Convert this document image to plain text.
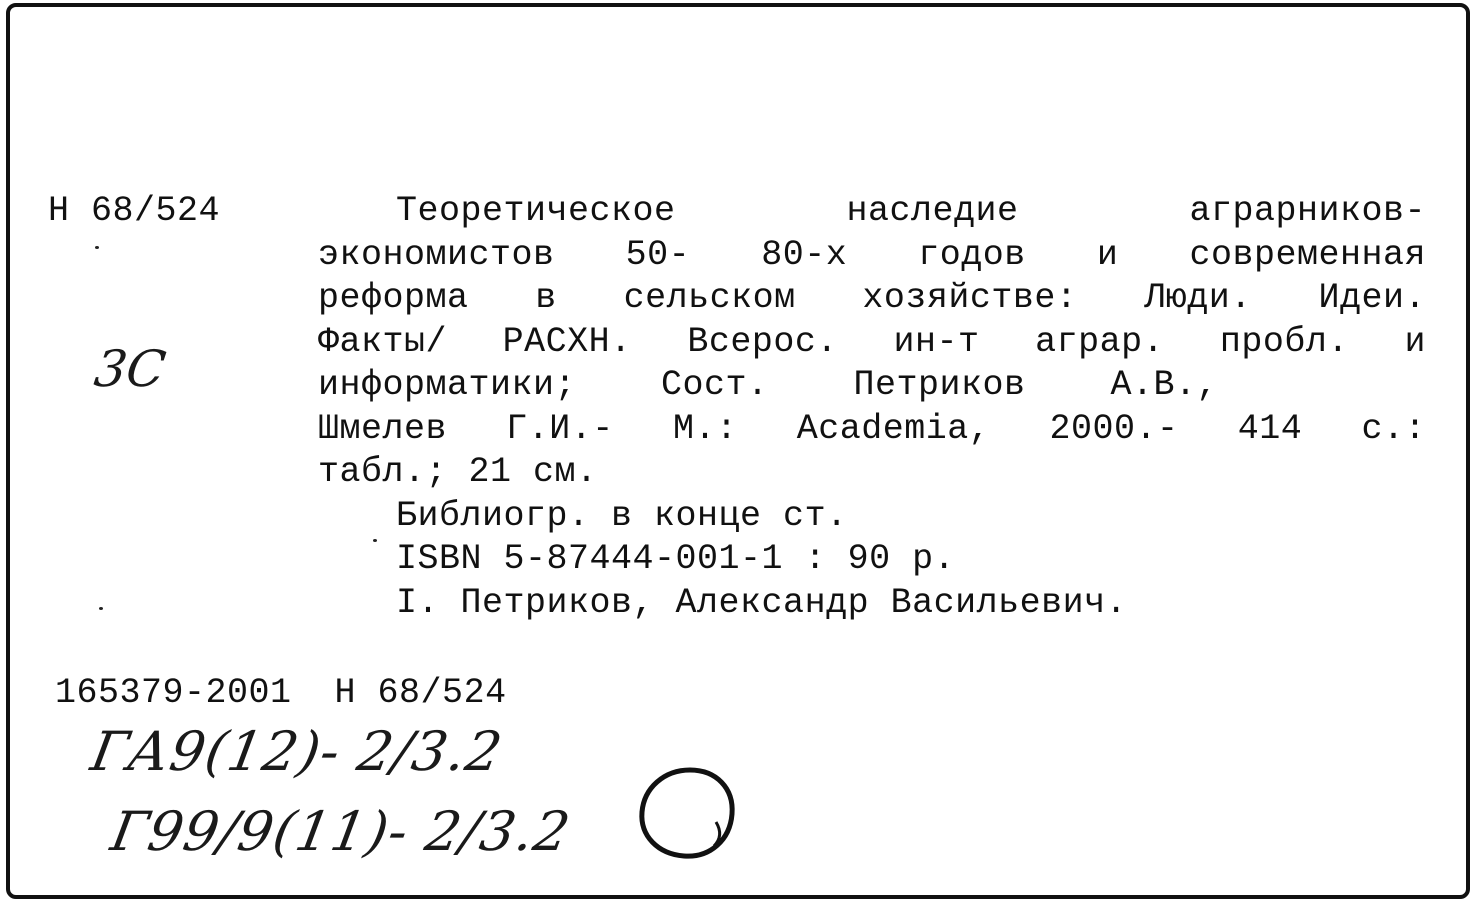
Н 68/524	Теоретическое наследие аграрников-
экономистов 50- 80-х годов и современная
реформа в сельском хозяйстве: Люди. Идеи.
Факты/ РАСХН. Всерос. ин-т аграр. пробл. и
информатики; Сост. Петриков А.В.,
Шмелев Г.И.- М.: Academia, 2000.- 414 с.:
табл.; 21 см.
Библиогр. в конце ст.
ISBN 5-87444-001-1 : 90 р.
I. Петриков, Александр Васильевич.
165379-2001  Н 68/524
3С
ГА9(12)- 2/3.2
Г99/9(11)- 2/3.2
